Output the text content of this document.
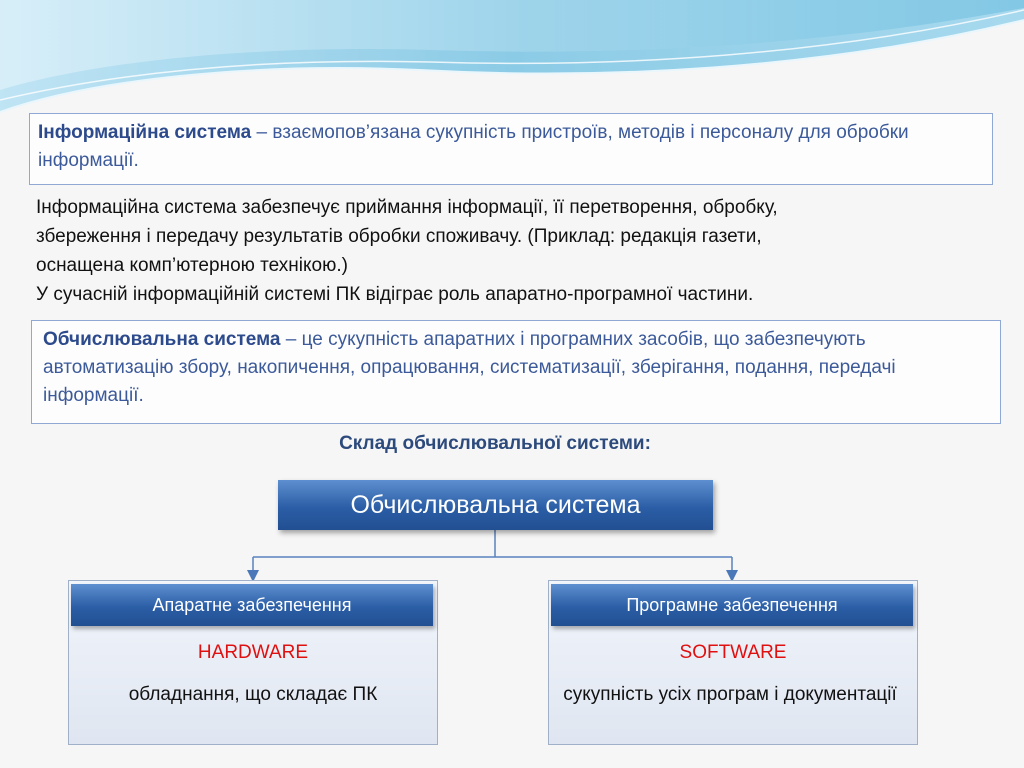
Інформаційна система – взаємопов’язана сукупність пристроїв, методів і персоналу для обробки інформації.
Інформаційна система забезпечує приймання інформації, її перетворення, обробку,
збереження і передачу результатів обробки споживачу. (Приклад: редакція газети,
оснащена комп’ютерною технікою.)
У сучасній інформаційній системі ПК відіграє роль апаратно-програмної частини.
Обчислювальна система – це сукупність апаратних і програмних засобів, що забезпечують автоматизацію збору, накопичення, опрацювання, систематизації, зберігання, подання, передачі інформації.
Склад обчислювальної системи:
Обчислювальна система
Апаратне забезпечення	Програмне забезпечення
HARDWARE	SOFTWARE
обладнання, що складає ПК	сукупність усіх програм і документації
